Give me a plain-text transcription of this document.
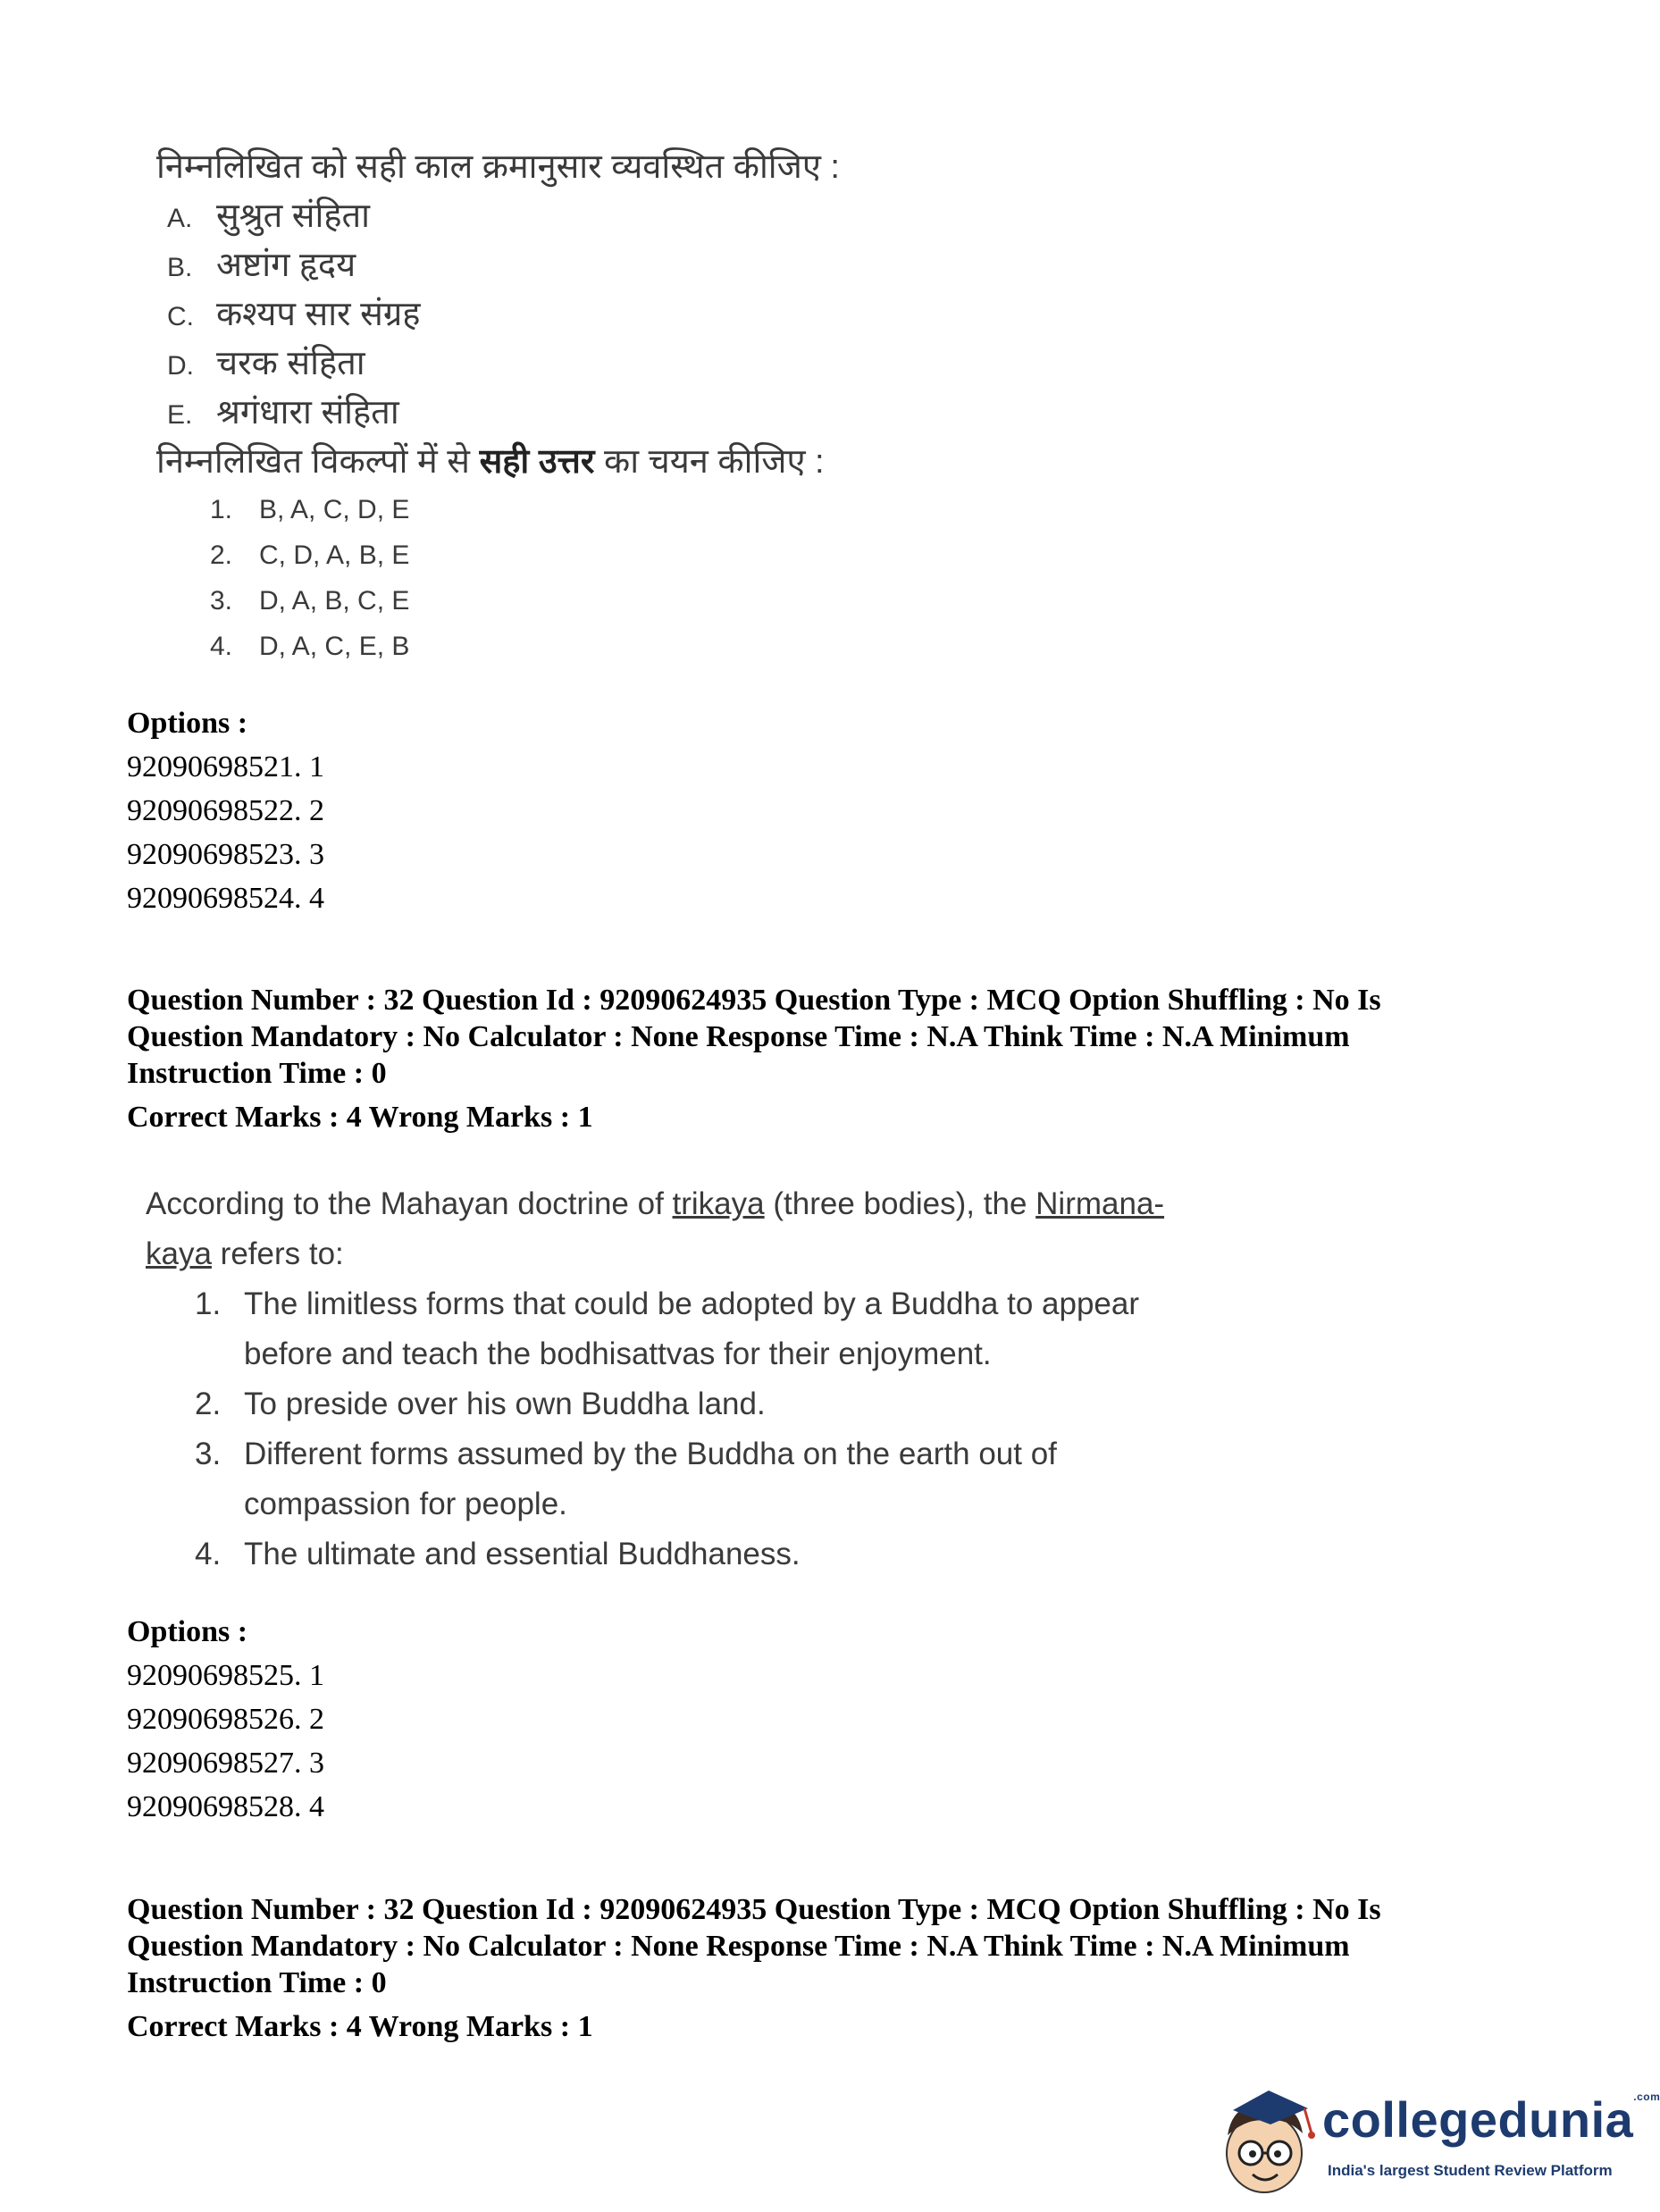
निम्नलिखित को सही काल क्रमानुसार व्यवस्थित कीजिए :
A. सुश्रुत संहिता
B. अष्टांग हृदय
C. कश्यप सार संग्रह
D. चरक संहिता
E. श्रगंधारा संहिता
निम्नलिखित विकल्पों में से सही उत्तर का चयन कीजिए :
1. B, A, C, D, E
2. C, D, A, B, E
3. D, A, B, C, E
4. D, A, C, E, B
Options :
92090698521. 1
92090698522. 2
92090698523. 3
92090698524. 4
Question Number : 32 Question Id : 92090624935 Question Type : MCQ Option Shuffling : No Is
Question Mandatory : No Calculator : None Response Time : N.A Think Time : N.A Minimum
Instruction Time : 0
Correct Marks : 4 Wrong Marks : 1
According to the Mahayan doctrine of trikaya (three bodies), the Nirmana-
kaya refers to:
1. The limitless forms that could be adopted by a Buddha to appear
before and teach the bodhisattvas for their enjoyment.
2. To preside over his own Buddha land.
3. Different forms assumed by the Buddha on the earth out of
compassion for people.
4. The ultimate and essential Buddhaness.
Options :
92090698525. 1
92090698526. 2
92090698527. 3
92090698528. 4
Question Number : 32 Question Id : 92090624935 Question Type : MCQ Option Shuffling : No Is
Question Mandatory : No Calculator : None Response Time : N.A Think Time : N.A Minimum
Instruction Time : 0
Correct Marks : 4 Wrong Marks : 1
collegedunia$^{.com}$
India's largest Student Review Platform
